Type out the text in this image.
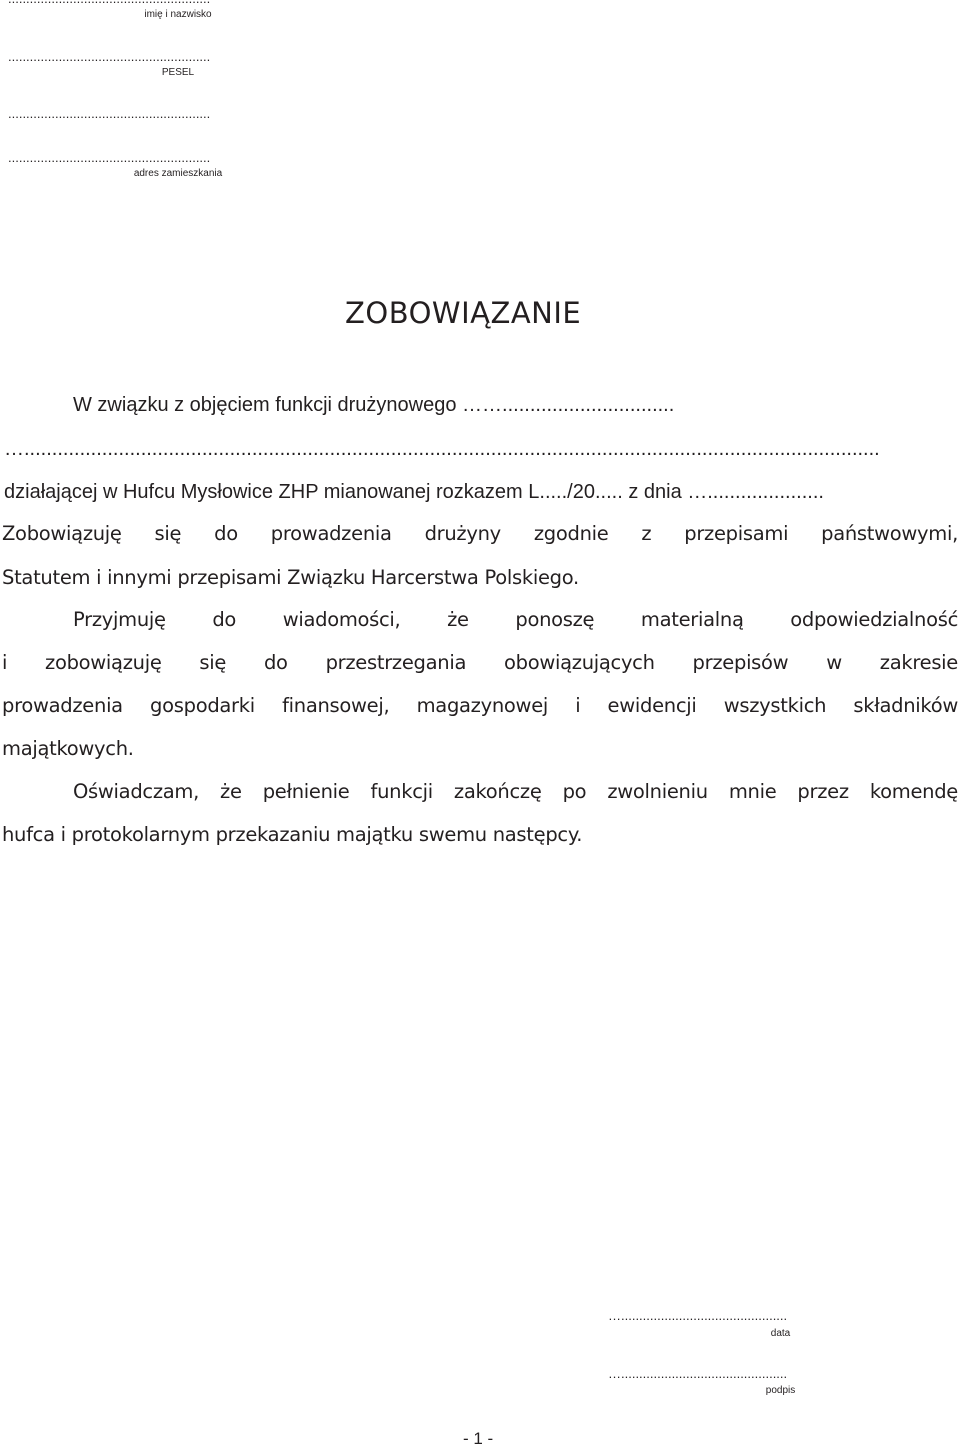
imię i nazwisko
........................................................
PESEL
........................................................
........................................................
adres zamieszkania
ZOBOWIĄZANIE
W związku z objęciem funkcji drużynowego ……...............................
…..........................................................................................................................................................
działającej w Hufcu Mysłowice ZHP mianowanej rozkazem L...../20..... z dnia ….....................
Zobowiązuję się do prowadzenia drużyny zgodnie z przepisami państwowymi,
Statutem i innymi przepisami Związku Harcerstwa Polskiego.
Przyjmuję do wiadomości, że ponoszę materialną odpowiedzialność
i zobowiązuję się do przestrzegania obowiązujących przepisów w zakresie
prowadzenia gospodarki finansowej, magazynowej i ewidencji wszystkich składników
majątkowych.
Oświadczam, że pełnienie funkcji zakończę po zwolnieniu mnie przez komendę
hufca i protokolarnym przekazaniu majątku swemu następcy.
…..............................................
data
…..............................................
podpis
- 1 -
